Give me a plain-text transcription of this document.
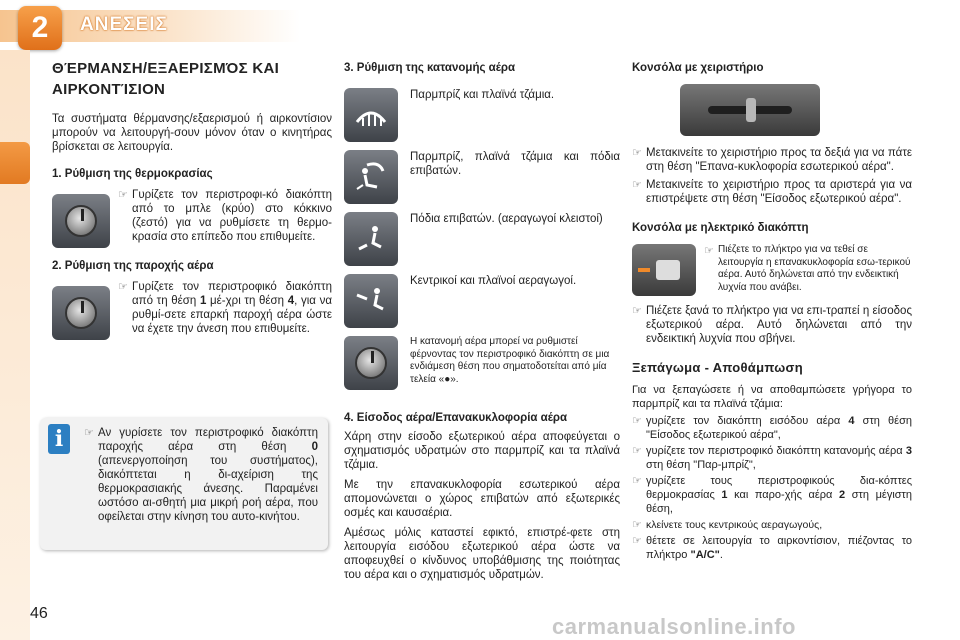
2	ΑΝΕΣΕΙΣ
ΘΈΡΜΑΝΣΗ/ΕΞΑΕΡΙΣΜΌΣ ΚΑΙ
ΑΙΡΚΟΝΤΊΣΙΟΝ
Τα συστήματα θέρμανσης/εξαερισμού ή αιρκοντίσιον μπορούν να λειτουργή-σουν μόνον όταν ο κινητήρας βρίσκεται σε λειτουργία.
1. Ρύθμιση της θερμοκρασίας
☞ Γυρίζετε τον περιστροφι-κό διακόπτη από το μπλε (κρύο) στο κόκκινο (ζεστό) για να ρυθμίσετε τη θερμο-κρασία στο επίπεδο που επιθυμείτε.
2. Ρύθμιση της παροχής αέρα
☞ Γυρίζετε τον περιστροφικό διακόπτη από τη θέση 1 μέ-χρι τη θέση 4, για να ρυθμί-σετε επαρκή παροχή αέρα ώστε να έχετε την άνεση που επιθυμείτε.
i	☞ Αν γυρίσετε τον περιστροφικό διακόπτη παροχής αέρα στη θέση 0 (απενεργοποίηση του συστήματος), διακόπτεται η δι-αχείριση της θερμοκρασιακής άνεσης. Παραμένει ωστόσο αι-σθητή μια μικρή ροή αέρα, που οφείλεται στην κίνηση του αυτο-κινήτου.
3. Ρύθμιση της κατανομής αέρα
Παρμπρίζ και πλαϊνά τζάμια.
Παρμπρίζ, πλαϊνά τζάμια και πόδια επιβατών.
Πόδια επιβατών. (αεραγωγοί κλειστοί)
Κεντρικοί και πλαϊνοί αεραγωγοί.
Η κατανομή αέρα μπορεί να ρυθμιστεί φέρνοντας τον περιστροφικό διακόπτη σε μια ενδιάμεση θέση που σηματοδοτείται από μία τελεία «●».
4. Είσοδος αέρα/Επανακυκλοφορία αέρα
Χάρη στην είσοδο εξωτερικού αέρα αποφεύγεται ο σχηματισμός υδρατμών στο παρμπρίζ και τα πλαϊνά τζάμια.
Με την επανακυκλοφορία εσωτερικού αέρα απομονώνεται ο χώρος επιβατών από εξωτερικές οσμές και καυσαέρια.
Αμέσως μόλις καταστεί εφικτό, επιστρέ-φετε στη λειτουργία εισόδου εξωτερικού αέρα ώστε να αποφευχθεί ο κίνδυνος υποβάθμισης της ποιότητας του αέρα και ο σχηματισμός υδρατμών.
Κονσόλα με χειριστήριο
☞ Μετακινείτε το χειριστήριο προς τα δεξιά για να πάτε στη θέση "Επανα-κυκλοφορία εσωτερικού αέρα".
☞ Μετακινείτε το χειριστήριο προς τα αριστερά για να επιστρέψετε στη θέση "Είσοδος εξωτερικού αέρα".
Κονσόλα με ηλεκτρικό διακόπτη
☞ Πιέζετε το πλήκτρο για να τεθεί σε λειτουργία η επανακυκλοφορία εσω-τερικού αέρα. Αυτό δηλώνεται από την ενδεικτική λυχνία που ανάβει.
☞ Πιέζετε ξανά το πλήκτρο για να επι-τραπεί η είσοδος εξωτερικού αέρα. Αυτό δηλώνεται από την ενδεικτική λυχνία που σβήνει.
Ξεπάγωμα - Αποθάμπωση
Για να ξεπαγώσετε ή να αποθαμπώσετε γρήγορα το παρμπρίζ και τα πλαϊνά τζάμια:
☞ γυρίζετε τον διακόπτη εισόδου αέρα 4 στη θέση "Είσοδος εξωτερικού αέρα",
☞ γυρίζετε τον περιστροφικό διακόπτη κατανομής αέρα 3 στη θέση "Παρ-μπρίζ",
☞ γυρίζετε τους περιστροφικούς δια-κόπτες θερμοκρασίας 1 και παρο-χής αέρα 2 στη μέγιστη θέση,
☞ κλείνετε τους κεντρικούς αεραγωγούς,
☞ θέτετε σε λειτουργία το αιρκοντίσιον, πιέζοντας το πλήκτρο "A/C".
46
carmanualsonline.info
